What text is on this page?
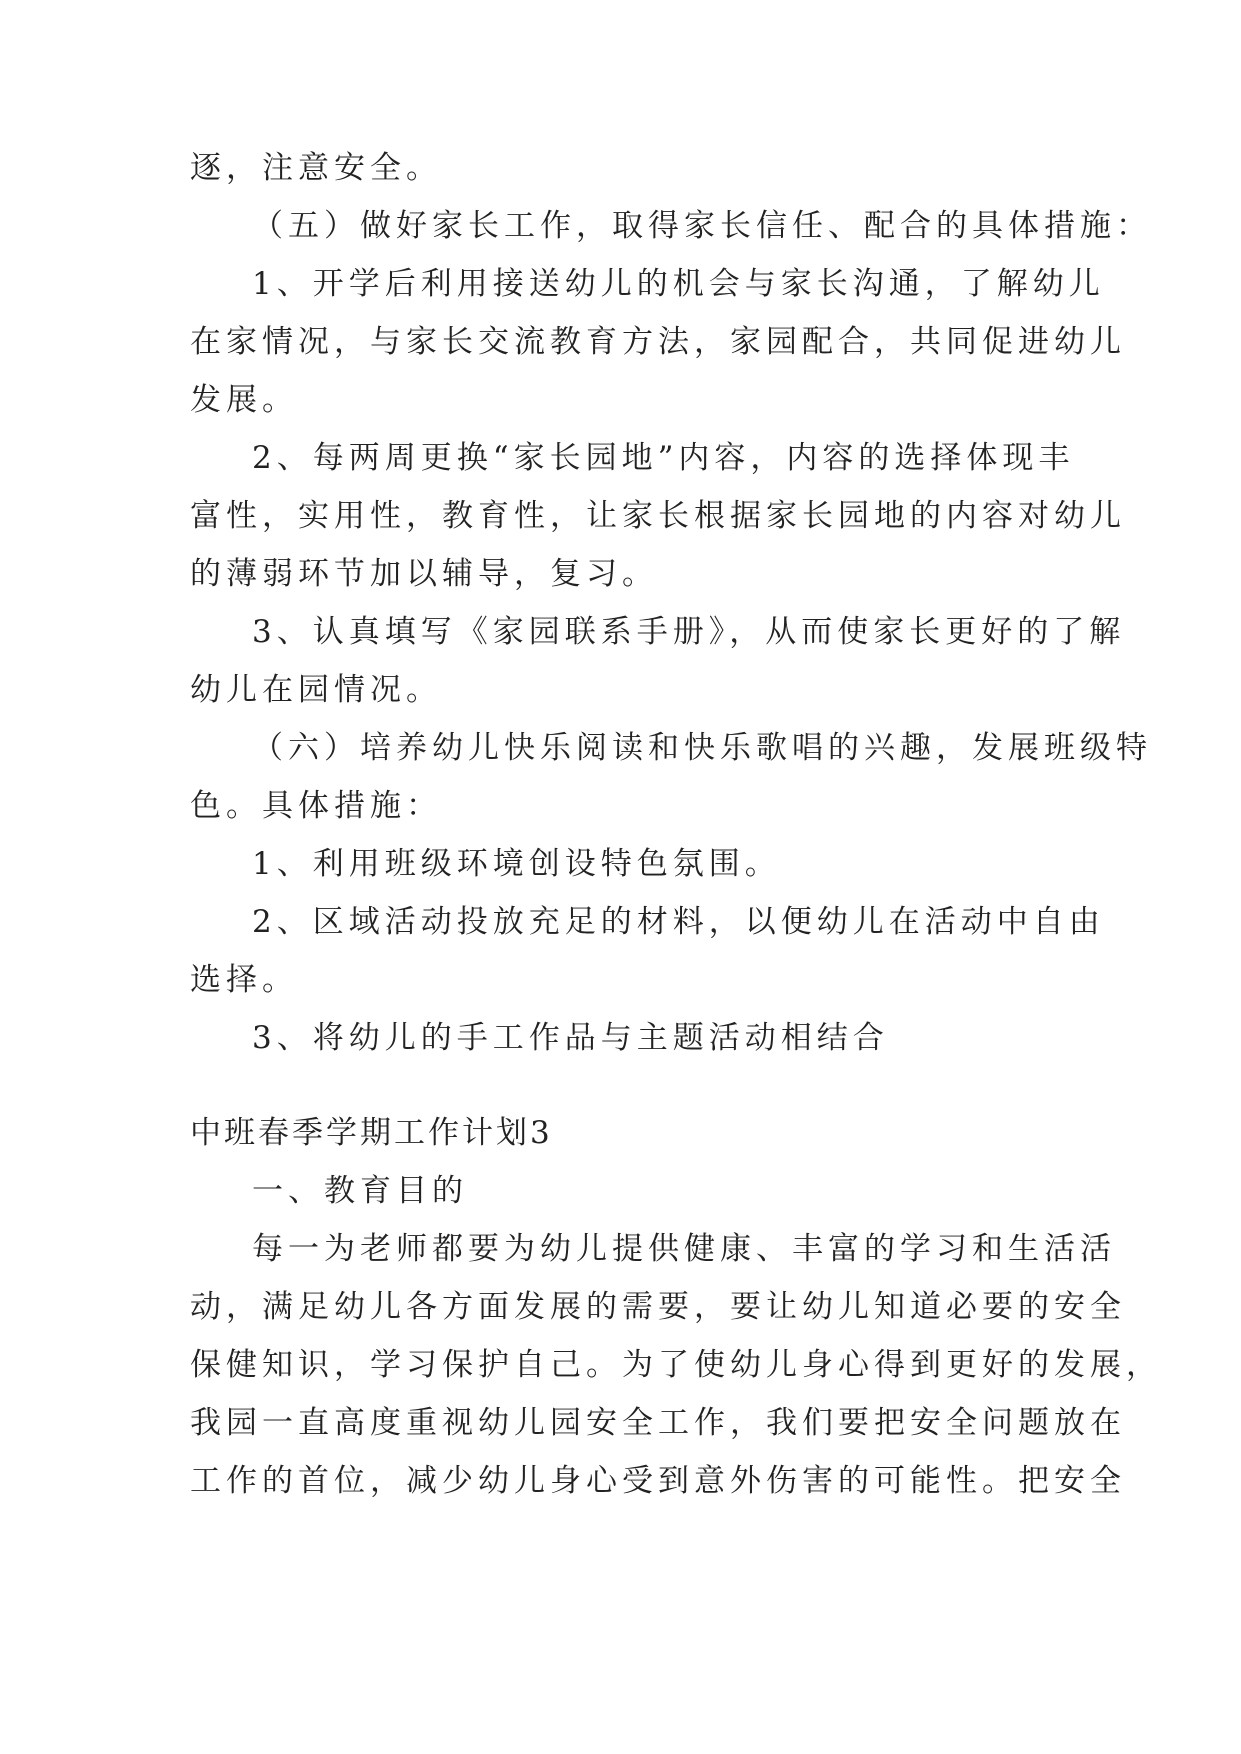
逐，注意安全。
（五）做好家长工作，取得家长信任、配合的具体措施：
1、开学后利用接送幼儿的机会与家长沟通，了解幼儿
在家情况，与家长交流教育方法，家园配合，共同促进幼儿
发展。
2、每两周更换“家长园地”内容，内容的选择体现丰
富性，实用性，教育性，让家长根据家长园地的内容对幼儿
的薄弱环节加以辅导，复习。
3、认真填写《家园联系手册》，从而使家长更好的了解
幼儿在园情况。
（六）培养幼儿快乐阅读和快乐歌唱的兴趣，发展班级特
色。具体措施：
1、利用班级环境创设特色氛围。
2、区域活动投放充足的材料，以便幼儿在活动中自由
选择。
3、将幼儿的手工作品与主题活动相结合
中班春季学期工作计划3
一、教育目的
每一为老师都要为幼儿提供健康、丰富的学习和生活活
动，满足幼儿各方面发展的需要，要让幼儿知道必要的安全
保健知识，学习保护自己。为了使幼儿身心得到更好的发展，
我园一直高度重视幼儿园安全工作，我们要把安全问题放在
工作的首位，减少幼儿身心受到意外伤害的可能性。把安全
